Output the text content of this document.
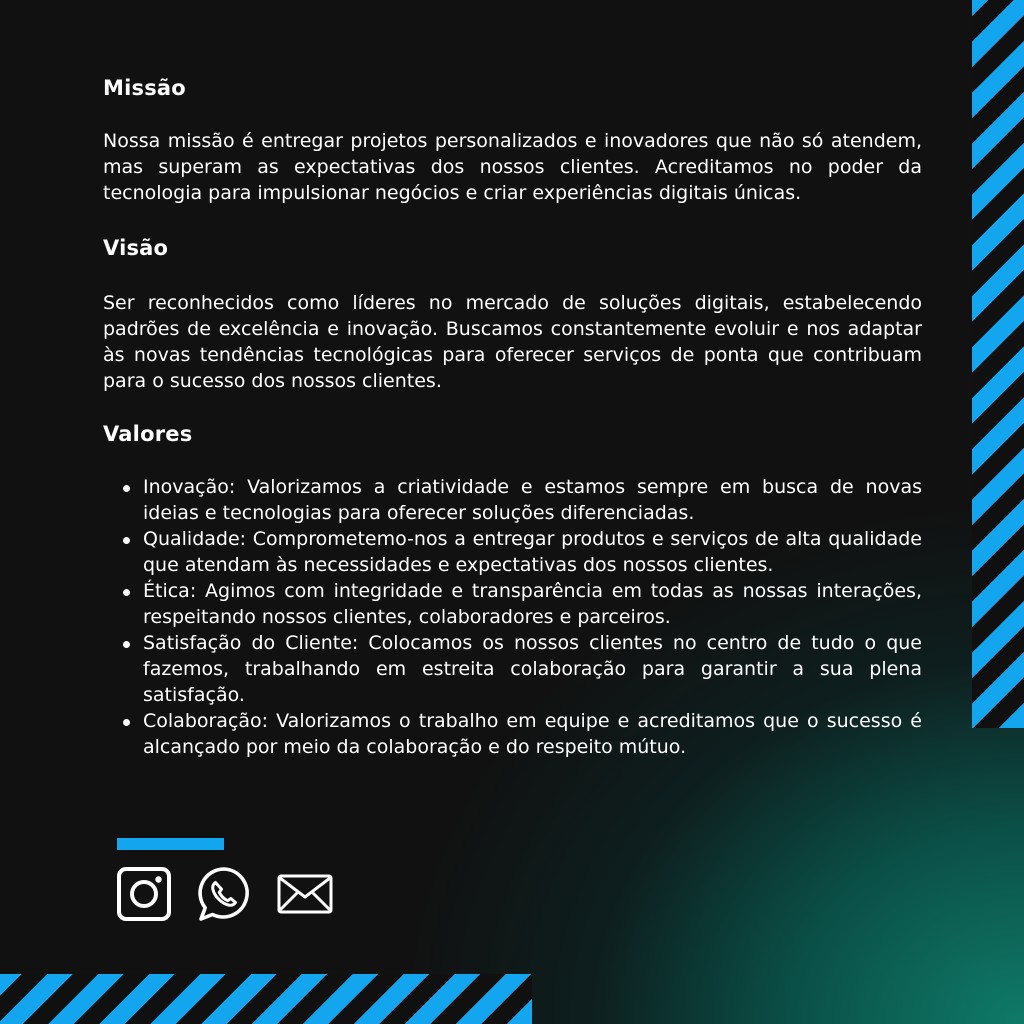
Missão

Nossa missão é entregar projetos personalizados e inovadores que não só atendem, mas superam as expectativas dos nossos clientes. Acreditamos no poder da tecnologia para impulsionar negócios e criar experiências digitais únicas.

Visão

Ser reconhecidos como líderes no mercado de soluções digitais, estabelecendo padrões de excelência e inovação. Buscamos constantemente evoluir e nos adaptar às novas tendências tecnológicas para oferecer serviços de ponta que contribuam para o sucesso dos nossos clientes.

Valores
Inovação: Valorizamos a criatividade e estamos sempre em busca de novas ideias e tecnologias para oferecer soluções diferenciadas.
Qualidade: Comprometemo-nos a entregar produtos e serviços de alta qualidade que atendam às necessidades e expectativas dos nossos clientes.
Ética: Agimos com integridade e transparência em todas as nossas interações, respeitando nossos clientes, colaboradores e parceiros.
Satisfação do Cliente: Colocamos os nossos clientes no centro de tudo o que fazemos, trabalhando em estreita colaboração para garantir a sua plena satisfação.
Colaboração: Valorizamos o trabalho em equipe e acreditamos que o sucesso é alcançado por meio da colaboração e do respeito mútuo.
